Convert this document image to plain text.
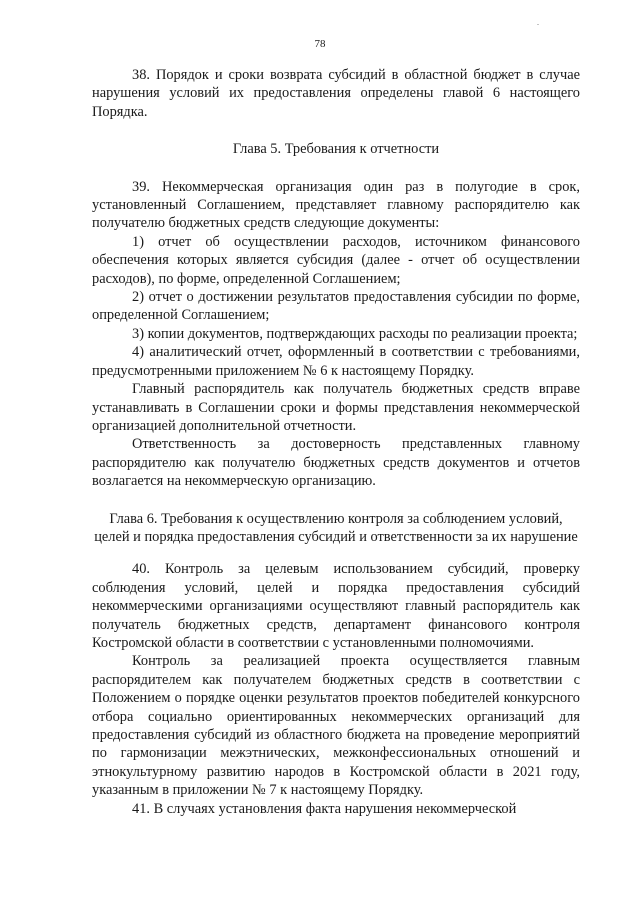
.
78

38. Порядок и сроки возврата субсидий в областной бюджет в случае нарушения условий их предоставления определены главой 6 настоящего Порядка.

Глава 5. Требования к отчетности

39. Некоммерческая организация один раз в полугодие в срок, установленный Соглашением, представляет главному распорядителю как получателю бюджетных средств следующие документы:

1) отчет об осуществлении расходов, источником финансового обеспечения которых является субсидия (далее - отчет об осуществлении расходов), по форме, определенной Соглашением;

2) отчет о достижении результатов предоставления субсидии по форме, определенной Соглашением;

3) копии документов, подтверждающих расходы по реализации проекта;

4) аналитический отчет, оформленный в соответствии с требованиями, предусмотренными приложением № 6 к настоящему Порядку.

Главный распорядитель как получатель бюджетных средств вправе устанавливать в Соглашении сроки и формы представления некоммерческой организацией дополнительной отчетности.

Ответственность за достоверность представленных главному распорядителю как получателю бюджетных средств документов и отчетов возлагается на некоммерческую организацию.

Глава 6. Требования к осуществлению контроля за соблюдением условий, целей и порядка предоставления субсидий и ответственности за их нарушение

40. Контроль за целевым использованием субсидий, проверку соблюдения условий, целей и порядка предоставления субсидий некоммерческими организациями осуществляют главный распорядитель как получатель бюджетных средств, департамент финансового контроля Костромской области в соответствии с установленными полномочиями.

Контроль за реализацией проекта осуществляется главным распорядителем как получателем бюджетных средств в соответствии с Положением о порядке оценки результатов проектов победителей конкурсного отбора социально ориентированных некоммерческих организаций для предоставления субсидий из областного бюджета на проведение мероприятий по гармонизации межэтнических, межконфессиональных отношений и этнокультурному развитию народов в Костромской области в 2021 году, указанным в приложении № 7 к настоящему Порядку.

41. В случаях установления факта нарушения некоммерческой
